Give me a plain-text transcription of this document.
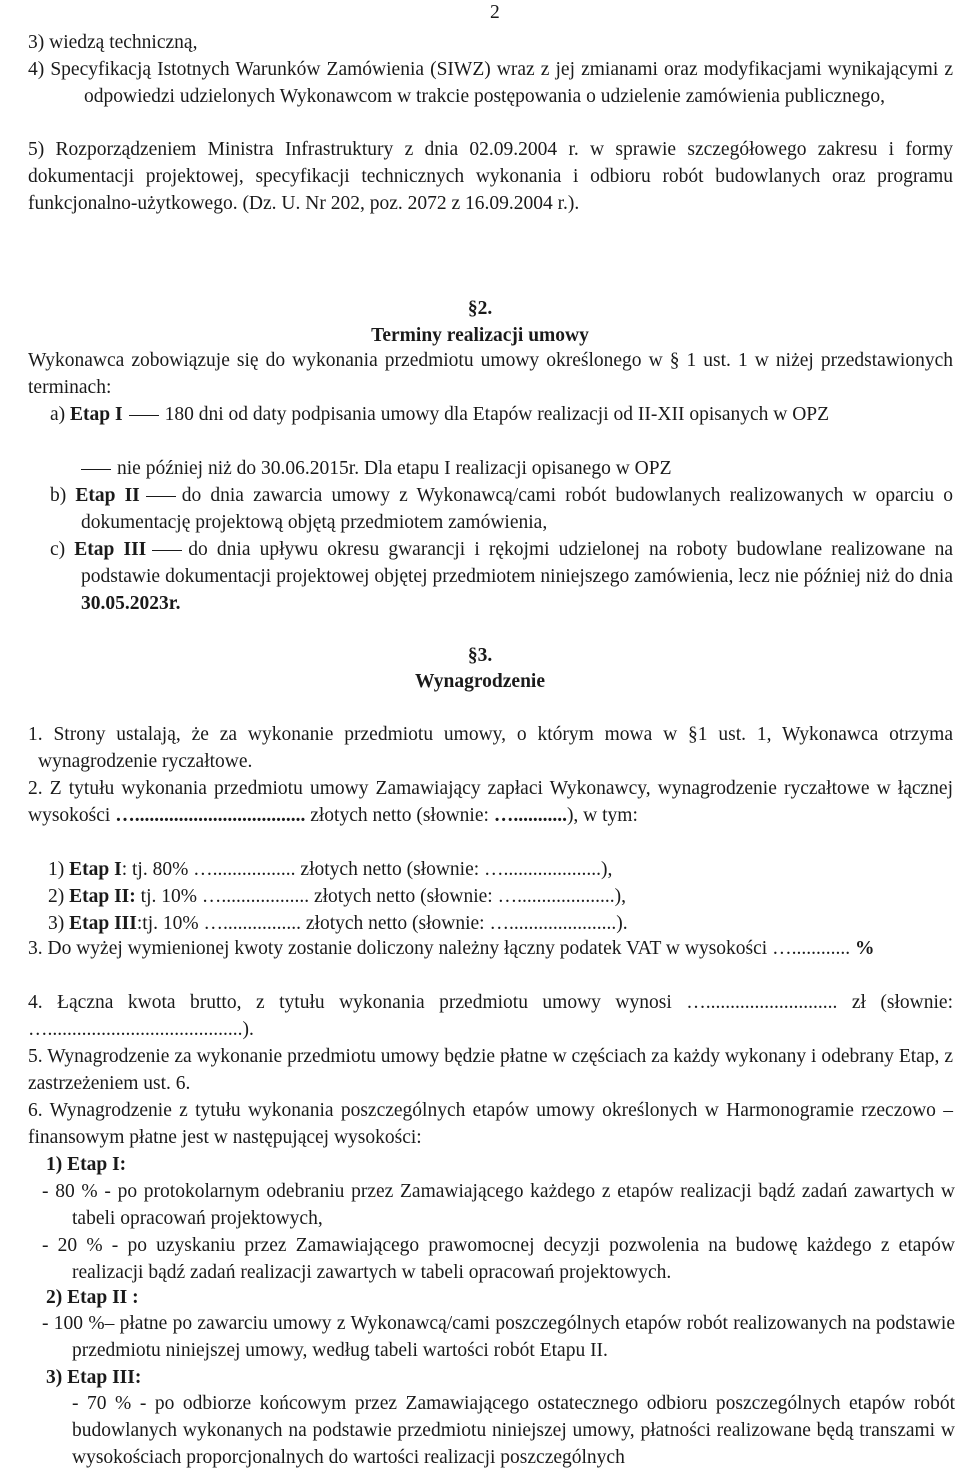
2

3) wiedzą techniczną,

4) Specyfikacją Istotnych Warunków Zamówienia (SIWZ) wraz z jej zmianami oraz modyfikacjami wynikającymi z odpowiedzi udzielonych Wykonawcom w trakcie postępowania o udzielenie zamówienia publicznego,

5) Rozporządzeniem Ministra Infrastruktury z dnia 02.09.2004 r. w sprawie szczegółowego zakresu i formy dokumentacji projektowej, specyfikacji technicznych wykonania i odbioru robót budowlanych oraz programu funkcjonalno-użytkowego. (Dz. U. Nr 202, poz. 2072 z 16.09.2004 r.).

§2.

Terminy realizacji umowy

Wykonawca zobowiązuje się do wykonania przedmiotu umowy określonego w § 1 ust. 1 w niżej przedstawionych terminach:

a) Etap I 180 dni od daty podpisania umowy dla Etapów realizacji od II-XII opisanych w OPZ
nie później niż do 30.06.2015r. Dla etapu I realizacji opisanego w OPZ
b) Etap II do dnia zawarcia umowy z Wykonawcą/cami robót budowlanych realizowanych w oparciu o dokumentację projektową objętą przedmiotem zamówienia,
c) Etap III do dnia upływu okresu gwarancji i rękojmi udzielonej na roboty budowlane realizowane na podstawie dokumentacji projektowej objętej przedmiotem niniejszego zamówienia, lecz nie później niż do dnia 30.05.2023r.

§3.

Wynagrodzenie

1. Strony ustalają, że za wykonanie przedmiotu umowy, o którym mowa w §1 ust. 1, Wykonawca otrzyma wynagrodzenie ryczałtowe.

2. Z tytułu wykonania przedmiotu umowy Zamawiający zapłaci Wykonawcy, wynagrodzenie ryczałtowe w łącznej wysokości …................................... złotych netto (słownie: …...........), w tym:
1) Etap I: tj. 80% …................. złotych netto (słownie: …....................),
2) Etap II: tj. 10% ….................. złotych netto (słownie: …....................),
3) Etap III:tj. 10% …................ złotych netto (słownie: …......................).
3. Do wyżej wymienionej kwoty zostanie doliczony należny łączny podatek VAT w wysokości …............ %

4. Łączna kwota brutto, z tytułu wykonania przedmiotu umowy wynosi …........................... zł (słownie: …........................................).

5. Wynagrodzenie za wykonanie przedmiotu umowy będzie płatne w częściach za każdy wykonany i odebrany Etap, z zastrzeżeniem ust. 6.

6. Wynagrodzenie z tytułu wykonania poszczególnych etapów umowy określonych w Harmonogramie rzeczowo – finansowym płatne jest w następującej wysokości:

1) Etap I:

- 80 % - po protokolarnym odebraniu przez Zamawiającego każdego z etapów realizacji bądź zadań zawartych w tabeli opracowań projektowych,

- 20 % - po uzyskaniu przez Zamawiającego prawomocnej decyzji pozwolenia na budowę każdego z etapów realizacji bądź zadań realizacji zawartych w tabeli opracowań projektowych.

2) Etap II :

- 100 %– płatne po zawarciu umowy z Wykonawcą/cami poszczególnych etapów robót realizowanych na podstawie przedmiotu niniejszej umowy, według tabeli wartości robót Etapu II.

3) Etap III:

- 70 % - po odbiorze końcowym przez Zamawiającego ostatecznego odbioru poszczególnych etapów robót budowlanych wykonanych na podstawie przedmiotu niniejszej umowy, płatności realizowane będą transzami w wysokościach proporcjonalnych do wartości realizacji poszczególnych
